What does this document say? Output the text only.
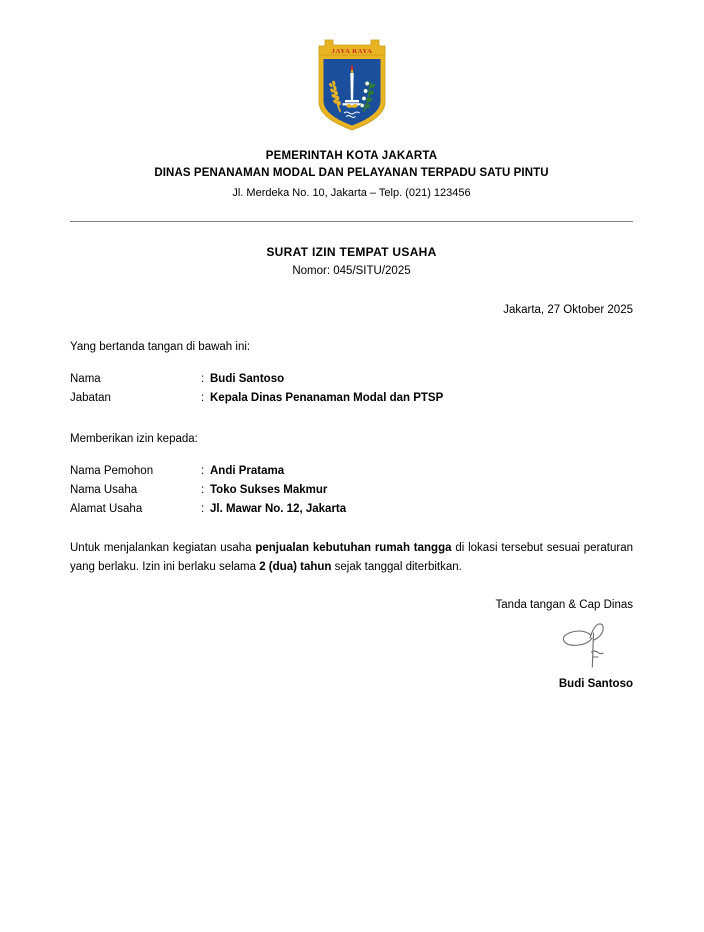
JAYA RAYA
PEMERINTAH KOTA JAKARTA
DINAS PENANAMAN MODAL DAN PELAYANAN TERPADU SATU PINTU
Jl. Merdeka No. 10, Jakarta – Telp. (021) 123456
SURAT IZIN TEMPAT USAHA
Nomor: 045/SITU/2025
Jakarta, 27 Oktober 2025
Yang bertanda tangan di bawah ini:
Nama	:	Budi Santoso
Jabatan	:	Kepala Dinas Penanaman Modal dan PTSP
Memberikan izin kepada:
Nama Pemohon	:	Andi Pratama
Nama Usaha	:	Toko Sukses Makmur
Alamat Usaha	:	Jl. Mawar No. 12, Jakarta
Untuk menjalankan kegiatan usaha penjualan kebutuhan rumah tangga di lokasi tersebut sesuai peraturan yang berlaku. Izin ini berlaku selama 2 (dua) tahun sejak tanggal diterbitkan.
Tanda tangan & Cap Dinas
Budi Santoso
